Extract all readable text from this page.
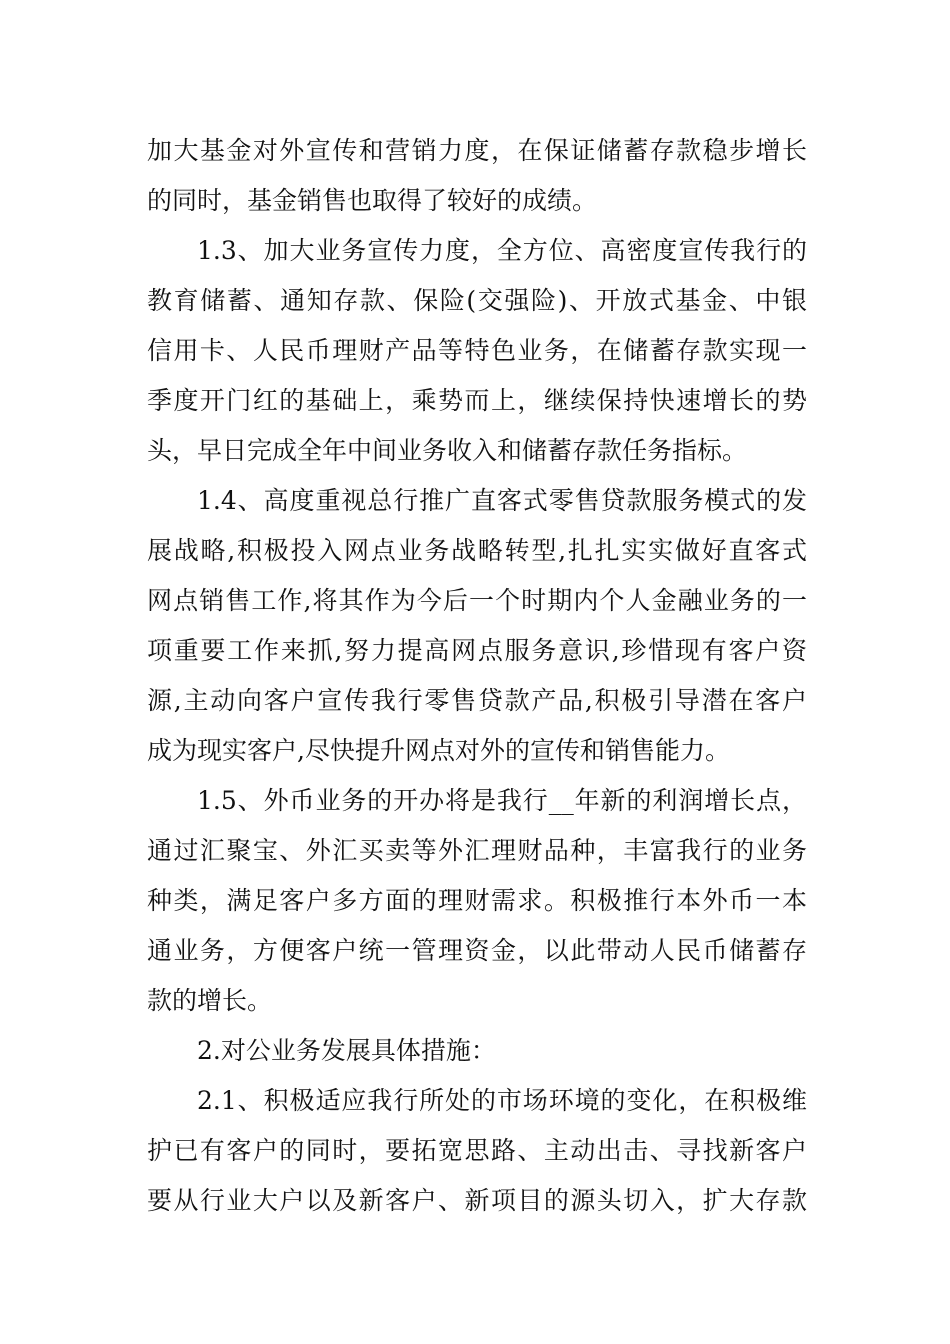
加大基金对外宣传和营销力度，在保证储蓄存款稳步增长
的同时，基金销售也取得了较好的成绩。
1.3、加大业务宣传力度，全方位、高密度宣传我行的
教育储蓄、通知存款、保险(交强险)、开放式基金、中银
信用卡、人民币理财产品等特色业务，在储蓄存款实现一
季度开门红的基础上，乘势而上，继续保持快速增长的势
头，早日完成全年中间业务收入和储蓄存款任务指标。
1.4、高度重视总行推广直客式零售贷款服务模式的发
展战略,积极投入网点业务战略转型,扎扎实实做好直客式
网点销售工作,将其作为今后一个时期内个人金融业务的一
项重要工作来抓,努力提高网点服务意识,珍惜现有客户资
源,主动向客户宣传我行零售贷款产品,积极引导潜在客户
成为现实客户,尽快提升网点对外的宣传和销售能力。
1.5、外币业务的开办将是我行__年新的利润增长点，
通过汇聚宝、外汇买卖等外汇理财品种，丰富我行的业务
种类，满足客户多方面的理财需求。积极推行本外币一本
通业务，方便客户统一管理资金，以此带动人民币储蓄存
款的增长。
2.对公业务发展具体措施：
2.1、积极适应我行所处的市场环境的变化，在积极维
护已有客户的同时，要拓宽思路、主动出击、寻找新客户
要从行业大户以及新客户、新项目的源头切入，扩大存款
